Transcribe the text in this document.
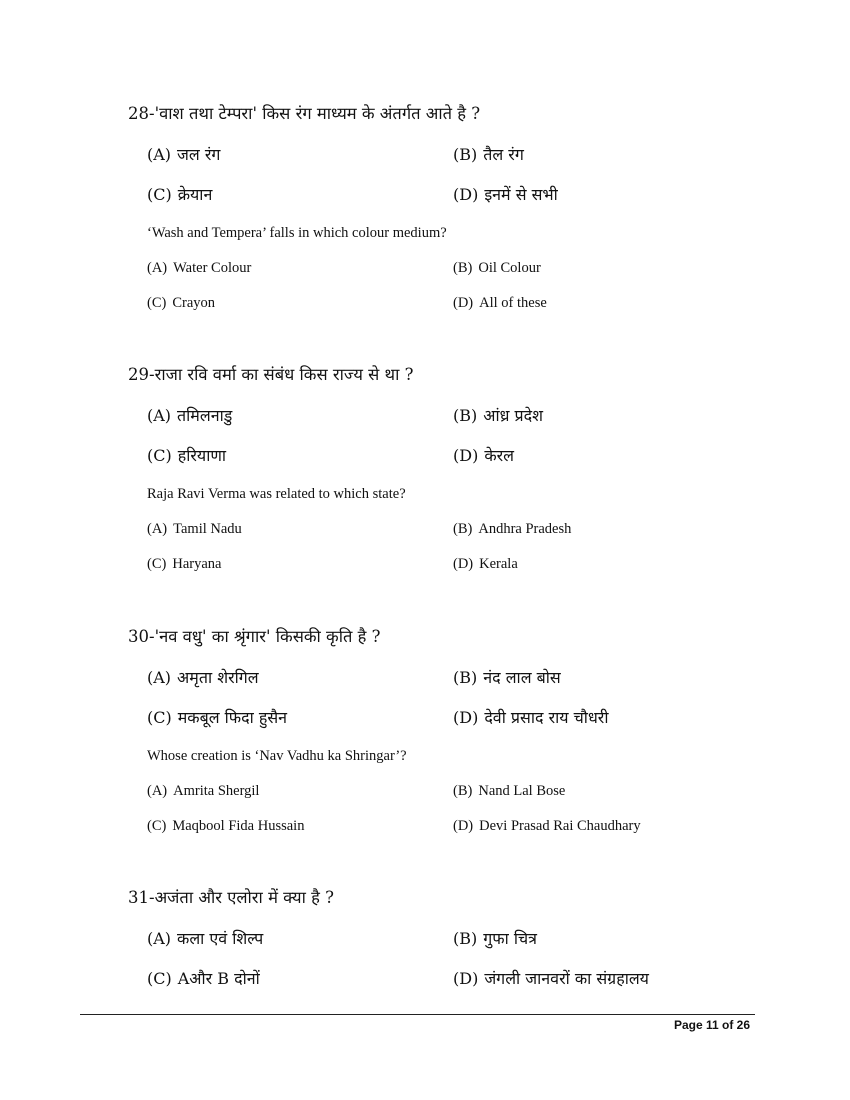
28-'वाश तथा टेम्परा' किस रंग माध्यम के अंतर्गत आते है ?
(A) जल रंग	(B) तैल रंग
(C) क्रेयान	(D) इनमें से सभी
‘Wash and Tempera’ falls in which colour medium?
(A) Water Colour	(B) Oil Colour
(C) Crayon	(D) All of these
29-राजा रवि वर्मा का संबंध किस राज्य से था ?
(A) तमिलनाडु	(B) आंध्र प्रदेश
(C) हरियाणा	(D) केरल
Raja Ravi Verma was related to which state?
(A) Tamil Nadu	(B) Andhra Pradesh
(C) Haryana	(D) Kerala
30-'नव वधु' का श्रृंगार' किसकी कृति है ?
(A) अमृता शेरगिल	(B) नंद लाल बोस
(C) मकबूल फिदा हुसैन	(D) देवी प्रसाद राय चौधरी
Whose creation is ‘Nav Vadhu ka Shringar’?
(A) Amrita Shergil	(B) Nand Lal Bose
(C) Maqbool Fida Hussain	(D) Devi Prasad Rai Chaudhary
31-अजंता और एलोरा में क्या है ?
(A) कला एवं शिल्प	(B) गुफा चित्र
(C) Aऔर B दोनों	(D) जंगली जानवरों का संग्रहालय
Page 11 of 26
